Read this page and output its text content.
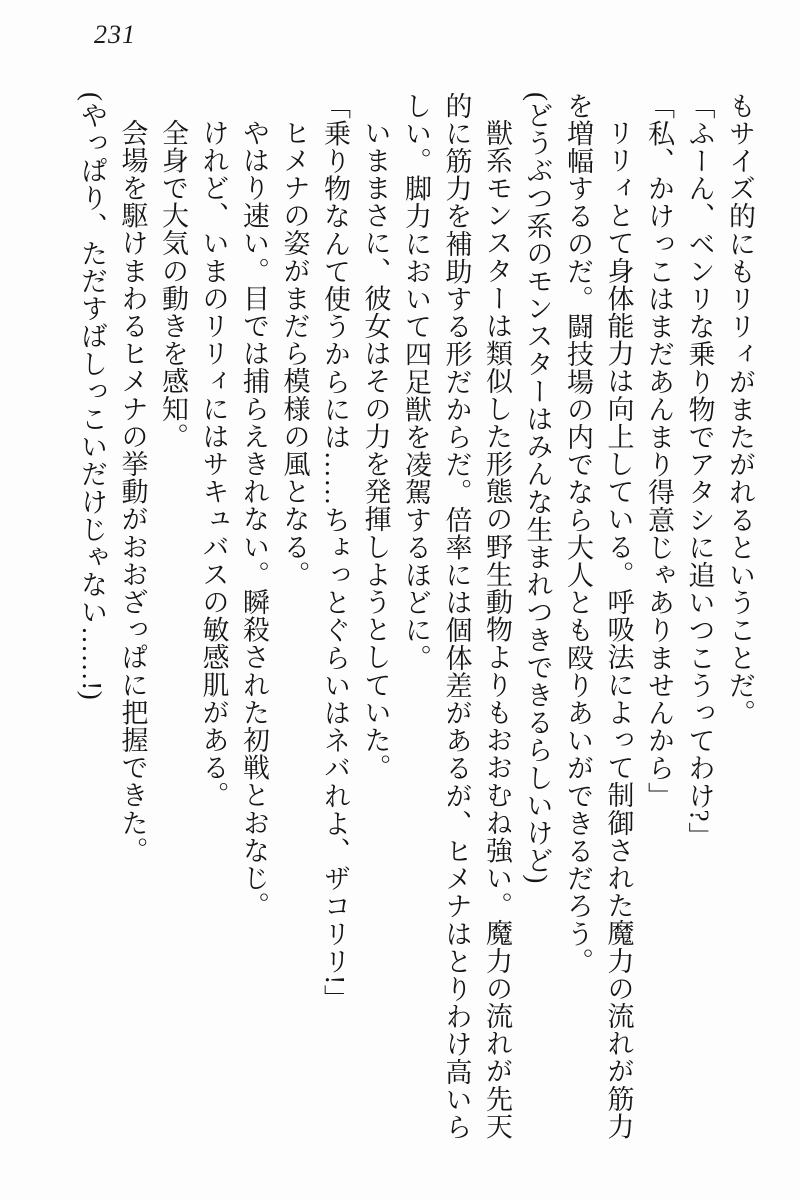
231
もサイズ的にもリリィがまたがれるということだ。
「ふーん、ベンリな乗り物でアタシに追いつこうってわけ?」
「私、かけっこはまだあんまり得意じゃありませんから」
リリィとて身体能力は向上している。呼吸法によって制御された魔力の流れが筋力
を増幅するのだ。闘技場の内でなら大人とも殴りあいができるだろう。
(どうぶつ系のモンスターはみんな生まれつきできるらしいけど)
獣系モンスターは類似した形態の野生動物よりもおおむね強い。魔力の流れが先天
的に筋力を補助する形だからだ。倍率には個体差があるが、ヒメナはとりわけ高いら
しい。脚力において四足獣を凌駕するほどに。
いままさに、彼女はその力を発揮しようとしていた。
「乗り物なんて使うからには……ちょっとぐらいはネバれよ、ザコリリ!」
ヒメナの姿がまだら模様の風となる。
やはり速い。目では捕らえきれない。瞬殺された初戦とおなじ。
けれど、いまのリリィにはサキュバスの敏感肌がある。
全身で大気の動きを感知。
会場を駆けまわるヒメナの挙動がおおざっぱに把握できた。
(やっぱり、ただすばしっこいだけじゃない……!)
